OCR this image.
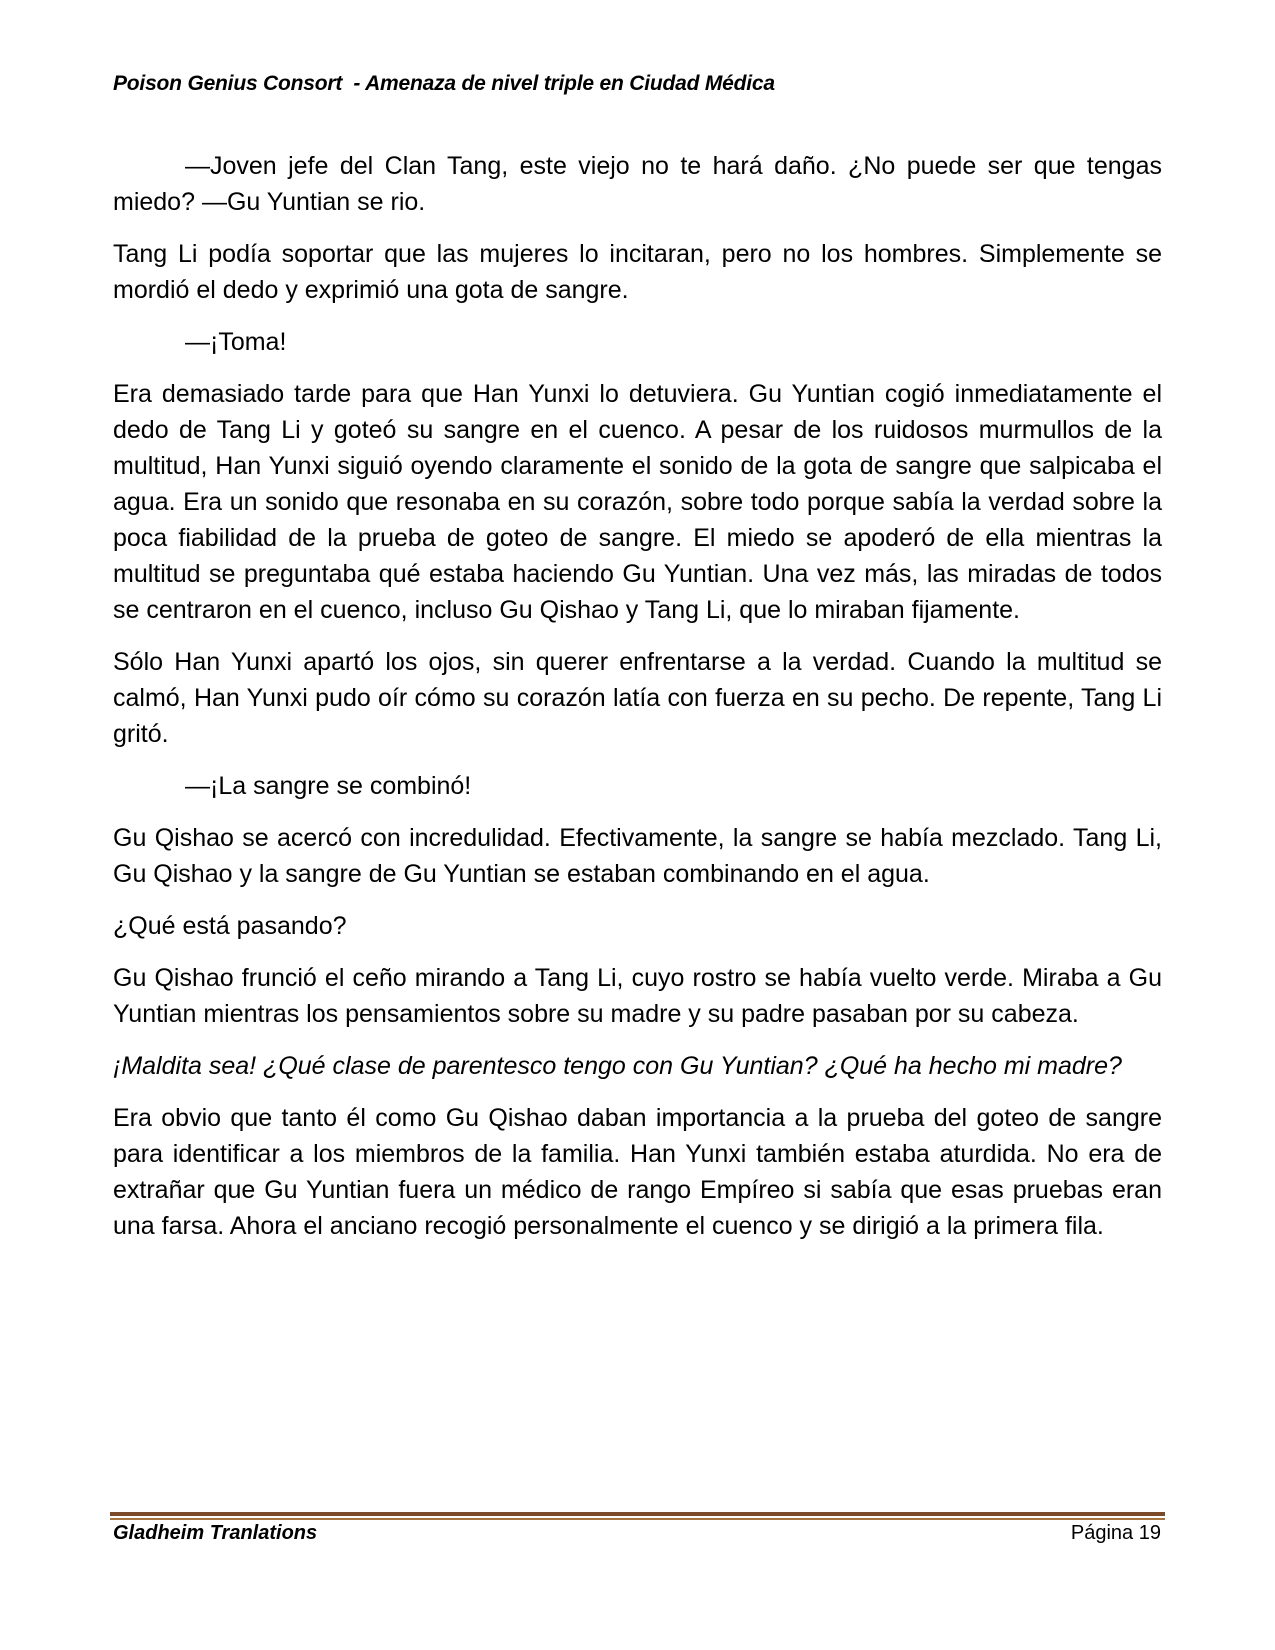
Poison Genius Consort  - Amenaza de nivel triple en Ciudad Médica

—Joven jefe del Clan Tang, este viejo no te hará daño. ¿No puede ser que tengas miedo? —Gu Yuntian se rio.

Tang Li podía soportar que las mujeres lo incitaran, pero no los hombres. Simplemente se mordió el dedo y exprimió una gota de sangre.

—¡Toma!

Era demasiado tarde para que Han Yunxi lo detuviera. Gu Yuntian cogió inmediatamente el dedo de Tang Li y goteó su sangre en el cuenco. A pesar de los ruidosos murmullos de la multitud, Han Yunxi siguió oyendo claramente el sonido de la gota de sangre que salpicaba el agua. Era un sonido que resonaba en su corazón, sobre todo porque sabía la verdad sobre la poca fiabilidad de la prueba de goteo de sangre. El miedo se apoderó de ella mientras la multitud se preguntaba qué estaba haciendo Gu Yuntian. Una vez más, las miradas de todos se centraron en el cuenco, incluso Gu Qishao y Tang Li, que lo miraban fijamente.

Sólo Han Yunxi apartó los ojos, sin querer enfrentarse a la verdad. Cuando la multitud se calmó, Han Yunxi pudo oír cómo su corazón latía con fuerza en su pecho. De repente, Tang Li gritó.

—¡La sangre se combinó!

Gu Qishao se acercó con incredulidad. Efectivamente, la sangre se había mezclado. Tang Li, Gu Qishao y la sangre de Gu Yuntian se estaban combinando en el agua.

¿Qué está pasando?

Gu Qishao frunció el ceño mirando a Tang Li, cuyo rostro se había vuelto verde. Miraba a Gu Yuntian mientras los pensamientos sobre su madre y su padre pasaban por su cabeza.

¡Maldita sea! ¿Qué clase de parentesco tengo con Gu Yuntian? ¿Qué ha hecho mi madre?

Era obvio que tanto él como Gu Qishao daban importancia a la prueba del goteo de sangre para identificar a los miembros de la familia. Han Yunxi también estaba aturdida. No era de extrañar que Gu Yuntian fuera un médico de rango Empíreo si sabía que esas pruebas eran una farsa. Ahora el anciano recogió personalmente el cuenco y se dirigió a la primera fila.

Gladheim Tranlations	Página 19
